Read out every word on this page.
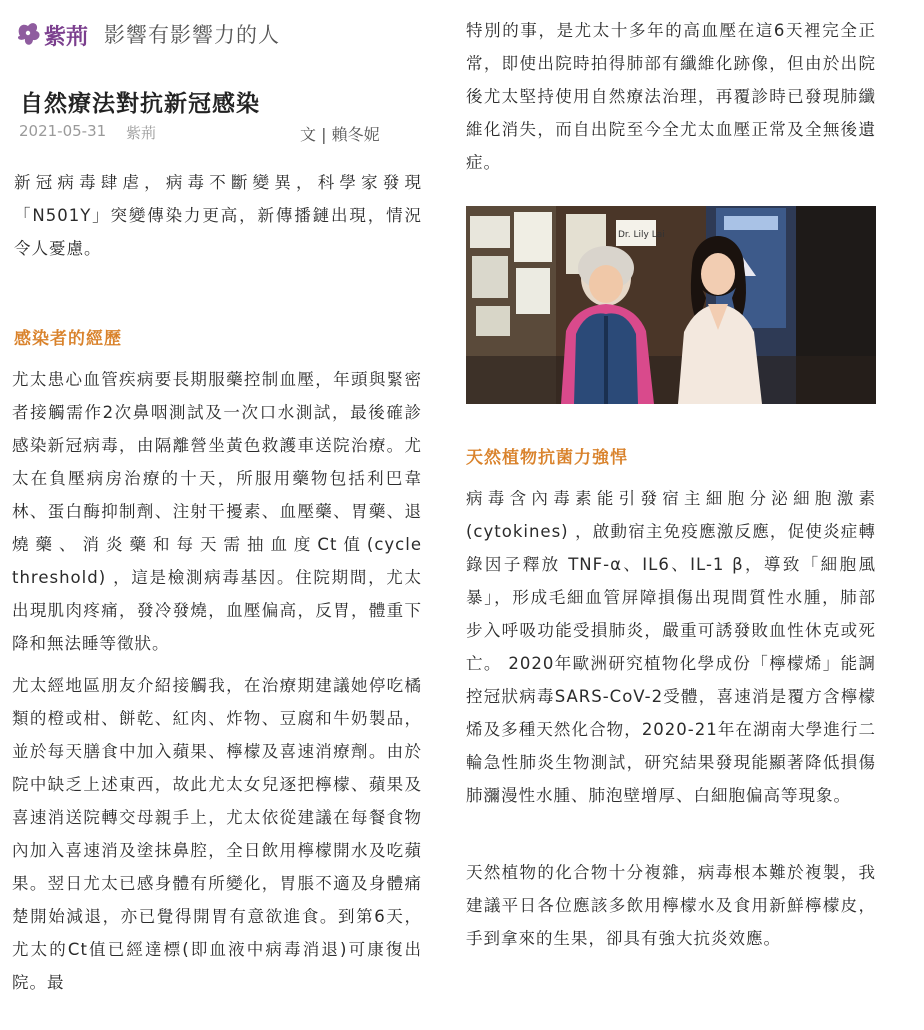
紫荊 影響有影響力的人
自然療法對抗新冠感染
2021-05-31 紫荊	文 | 賴冬妮

新冠病毒肆虐，病毒不斷變異，科學家發現「N501Y」突變傳染力更高，新傳播鏈出現，情況令人憂慮。

感染者的經歷

尤太患心血管疾病要長期服藥控制血壓，年頭與緊密者接觸需作2次鼻咽測試及一次口水測試，最後確診感染新冠病毒，由隔離營坐黃色救護車送院治療。尤太在負壓病房治療的十天，所服用藥物包括利巴韋林、蛋白酶抑制劑、注射干擾素、血壓藥、胃藥、退燒藥、消炎藥和每天需抽血度Ct值(cycle threshold) ，這是檢測病毒基因。住院期間，尤太出現肌肉疼痛，發冷發燒，血壓偏高，反胃，體重下降和無法睡等徵狀。

尤太經地區朋友介紹接觸我，在治療期建議她停吃橘類的橙或柑、餅乾、紅肉、炸物、豆腐和牛奶製品，並於每天膳食中加入蘋果、檸檬及喜速消療劑。由於院中缺乏上述東西，故此尤太女兒逐把檸檬、蘋果及喜速消送院轉交母親手上，尤太依從建議在每餐食物內加入喜速消及塗抹鼻腔，全日飲用檸檬開水及吃蘋果。翌日尤太已感身體有所變化，胃脹不適及身體痛楚開始減退，亦已覺得開胃有意欲進食。到第6天，尤太的Ct值已經達標(即血液中病毒消退)可康復出院。最

特別的事，是尤太十多年的高血壓在這6天裡完全正常，即使出院時拍得肺部有纖維化跡像，但由於出院後尤太堅持使用自然療法治理，再覆診時已發現肺纖維化消失，而自出院至今全尤太血壓正常及全無後遺症。

Dr. Lily Lai
天然植物抗菌力強悍

病毒含內毒素能引發宿主細胞分泌細胞激素(cytokines) ，啟動宿主免疫應激反應，促使炎症轉錄因子釋放 TNF-α、IL6、IL-1 β，導致「細胞風暴」，形成毛細血管屏障損傷出現間質性水腫，肺部步入呼吸功能受損肺炎，嚴重可誘發敗血性休克或死亡。 2020年歐洲研究植物化學成份「檸檬烯」能調控冠狀病毒SARS-CoV-2受體，喜速消是覆方含檸檬烯及多種天然化合物，2020-21年在湖南大學進行二輪急性肺炎生物測試，研究結果發現能顯著降低損傷肺瀰漫性水腫、肺泡壁增厚、白細胞偏高等現象。

天然植物的化合物十分複雜，病毒根本難於複製，我建議平日各位應該多飲用檸檬水及食用新鮮檸檬皮，手到拿來的生果，卻具有強大抗炎效應。
